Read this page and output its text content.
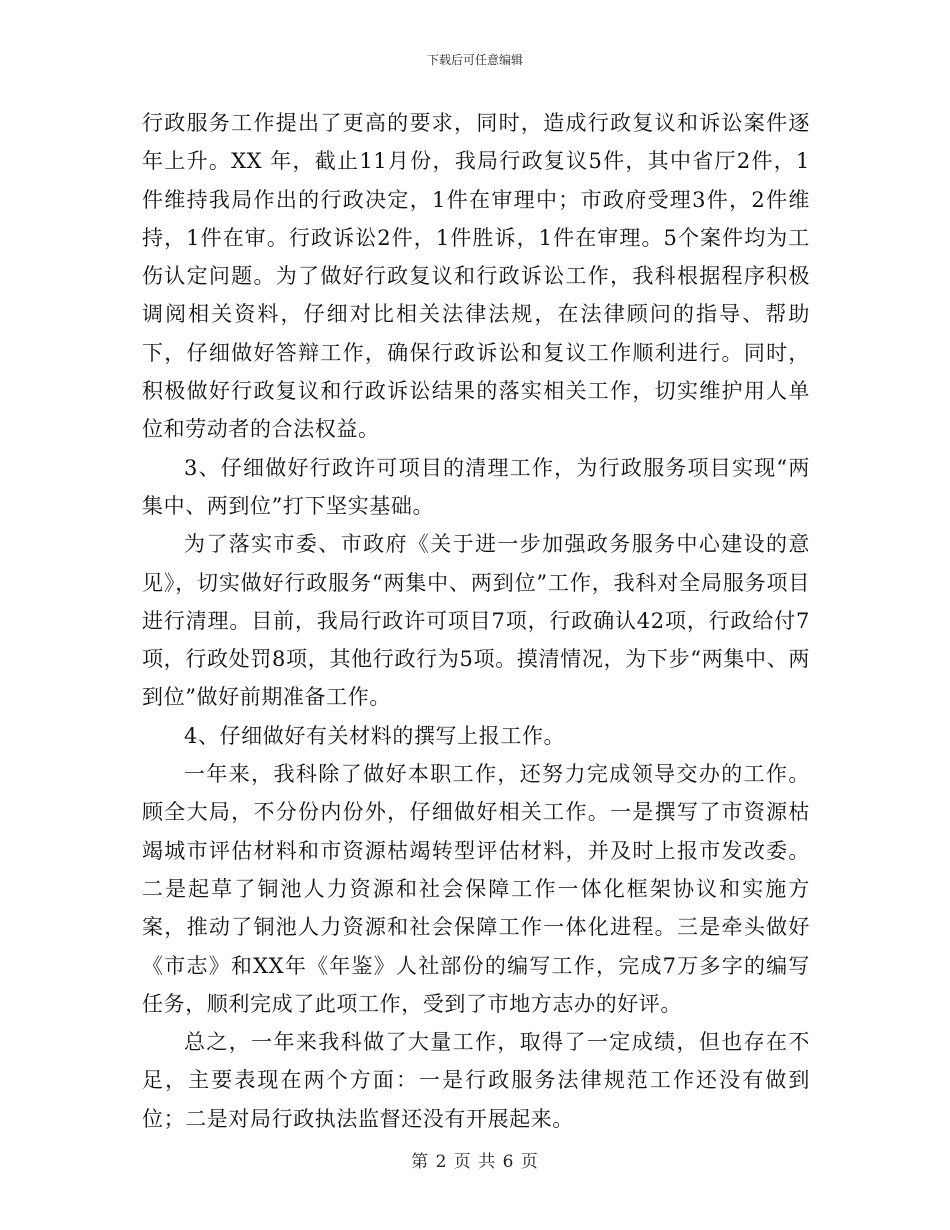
下载后可任意编辑

行政服务工作提出了更高的要求，同时，造成行政复议和诉讼案件逐年上升。XX 年，截止11月份，我局行政复议5件，其中省厅2件，1件维持我局作出的行政决定，1件在审理中；市政府受理3件，2件维持，1件在审。行政诉讼2件，1件胜诉，1件在审理。5个案件均为工伤认定问题。为了做好行政复议和行政诉讼工作，我科根据程序积极调阅相关资料，仔细对比相关法律法规，在法律顾问的指导、帮助下，仔细做好答辩工作，确保行政诉讼和复议工作顺利进行。同时，积极做好行政复议和行政诉讼结果的落实相关工作，切实维护用人单位和劳动者的合法权益。

3、仔细做好行政许可项目的清理工作，为行政服务项目实现“两集中、两到位”打下坚实基础。

为了落实市委、市政府《关于进一步加强政务服务中心建设的意见》，切实做好行政服务“两集中、两到位”工作，我科对全局服务项目进行清理。目前，我局行政许可项目7项，行政确认42项，行政给付7项，行政处罚8项，其他行政行为5项。摸清情况，为下步“两集中、两到位”做好前期准备工作。

4、仔细做好有关材料的撰写上报工作。

一年来，我科除了做好本职工作，还努力完成领导交办的工作。顾全大局，不分份内份外，仔细做好相关工作。一是撰写了市资源枯竭城市评估材料和市资源枯竭转型评估材料，并及时上报市发改委。二是起草了铜池人力资源和社会保障工作一体化框架协议和实施方案，推动了铜池人力资源和社会保障工作一体化进程。三是牵头做好《市志》和XX年《年鉴》人社部份的编写工作，完成7万多字的编写任务，顺利完成了此项工作，受到了市地方志办的好评。

总之，一年来我科做了大量工作，取得了一定成绩，但也存在不足，主要表现在两个方面：一是行政服务法律规范工作还没有做到位；二是对局行政执法监督还没有开展起来。

第 2 页 共 6 页
